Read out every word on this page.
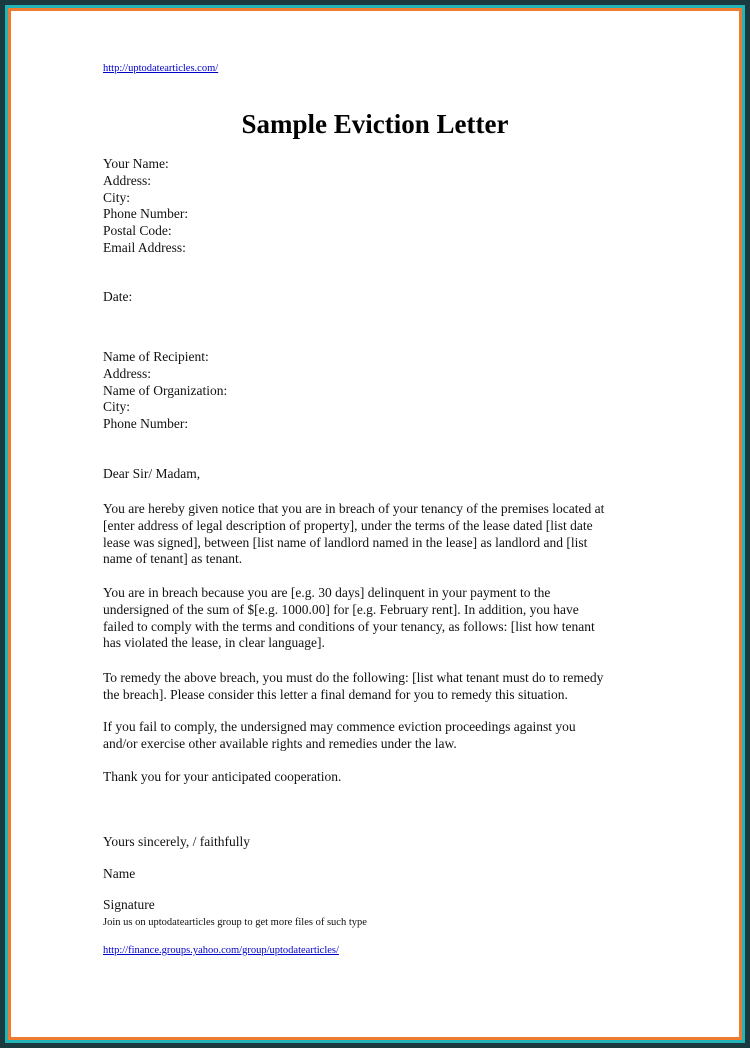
http://uptodatearticles.com/
Sample Eviction Letter
Your Name:
Address:
City:
Phone Number:
Postal Code:
Email Address:
Date:
Name of Recipient:
Address:
Name of Organization:
City:
Phone Number:
Dear Sir/ Madam,
You are hereby given notice that you are in breach of your tenancy of the premises located at
[enter address of legal description of property], under the terms of the lease dated [list date
lease was signed], between [list name of landlord named in the lease] as landlord and [list
name of tenant] as tenant.
You are in breach because you are [e.g. 30 days] delinquent in your payment to the
undersigned of the sum of $[e.g. 1000.00] for [e.g. February rent]. In addition, you have
failed to comply with the terms and conditions of your tenancy, as follows: [list how tenant
has violated the lease, in clear language].
To remedy the above breach, you must do the following: [list what tenant must do to remedy
the breach]. Please consider this letter a final demand for you to remedy this situation.
If you fail to comply, the undersigned may commence eviction proceedings against you
and/or exercise other available rights and remedies under the law.
Thank you for your anticipated cooperation.
Yours sincerely, / faithfully
Name
Signature
Join us on uptodatearticles group to get more files of such type
http://finance.groups.yahoo.com/group/uptodatearticles/
